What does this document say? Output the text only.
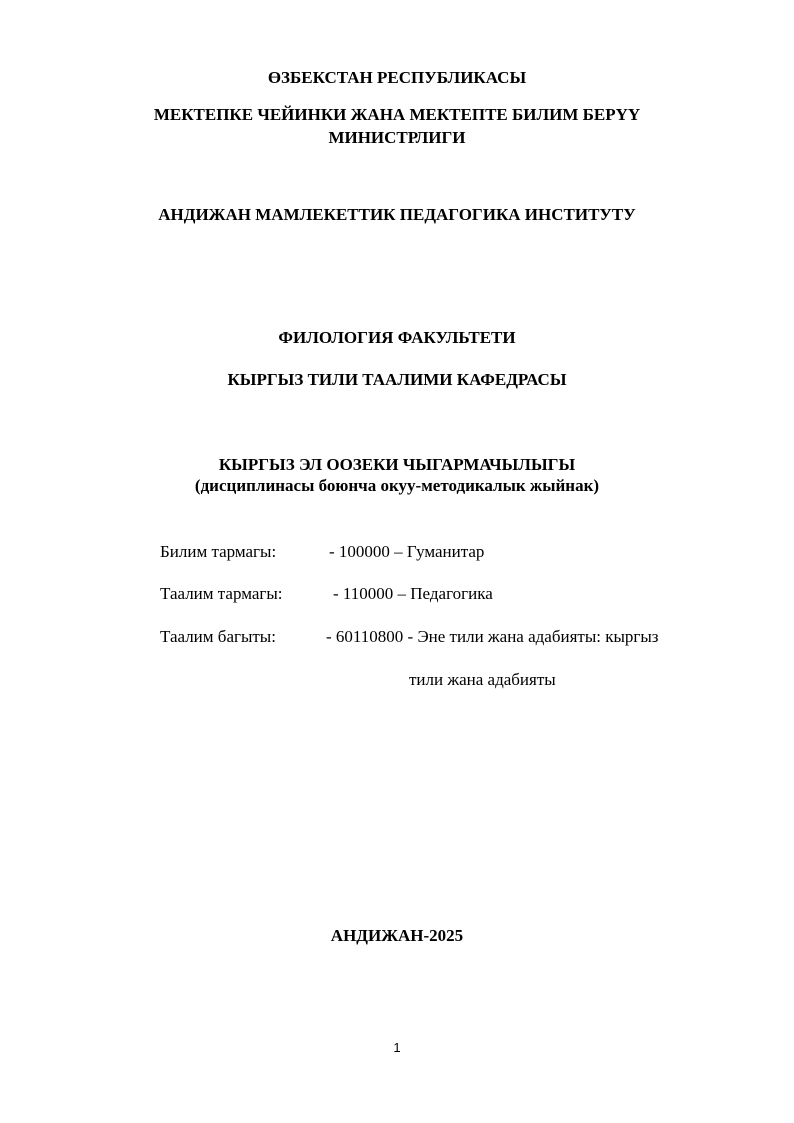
ӨЗБЕКСТАН РЕСПУБЛИКАСЫ
МЕКТЕПКЕ ЧЕЙИНКИ ЖАНА МЕКТЕПТЕ БИЛИМ БЕРҮҮ
МИНИСТРЛИГИ
АНДИЖАН МАМЛЕКЕТТИК ПЕДАГОГИКА ИНСТИТУТУ
ФИЛОЛОГИЯ ФАКУЛЬТЕТИ
КЫРГЫЗ ТИЛИ ТААЛИМИ КАФЕДРАСЫ
КЫРГЫЗ ЭЛ ООЗЕКИ ЧЫГАРМАЧЫЛЫГЫ
(дисциплинасы боюнча окуу-методикалык жыйнак)
Билим тармагы:	- 100000 – Гуманитар
Таалим тармагы:	- 110000 – Педагогика
Таалим багыты:	- 60110800 - Эне тили жана адабияты: кыргыз
тили жана адабияты
АНДИЖАН-2025
1
